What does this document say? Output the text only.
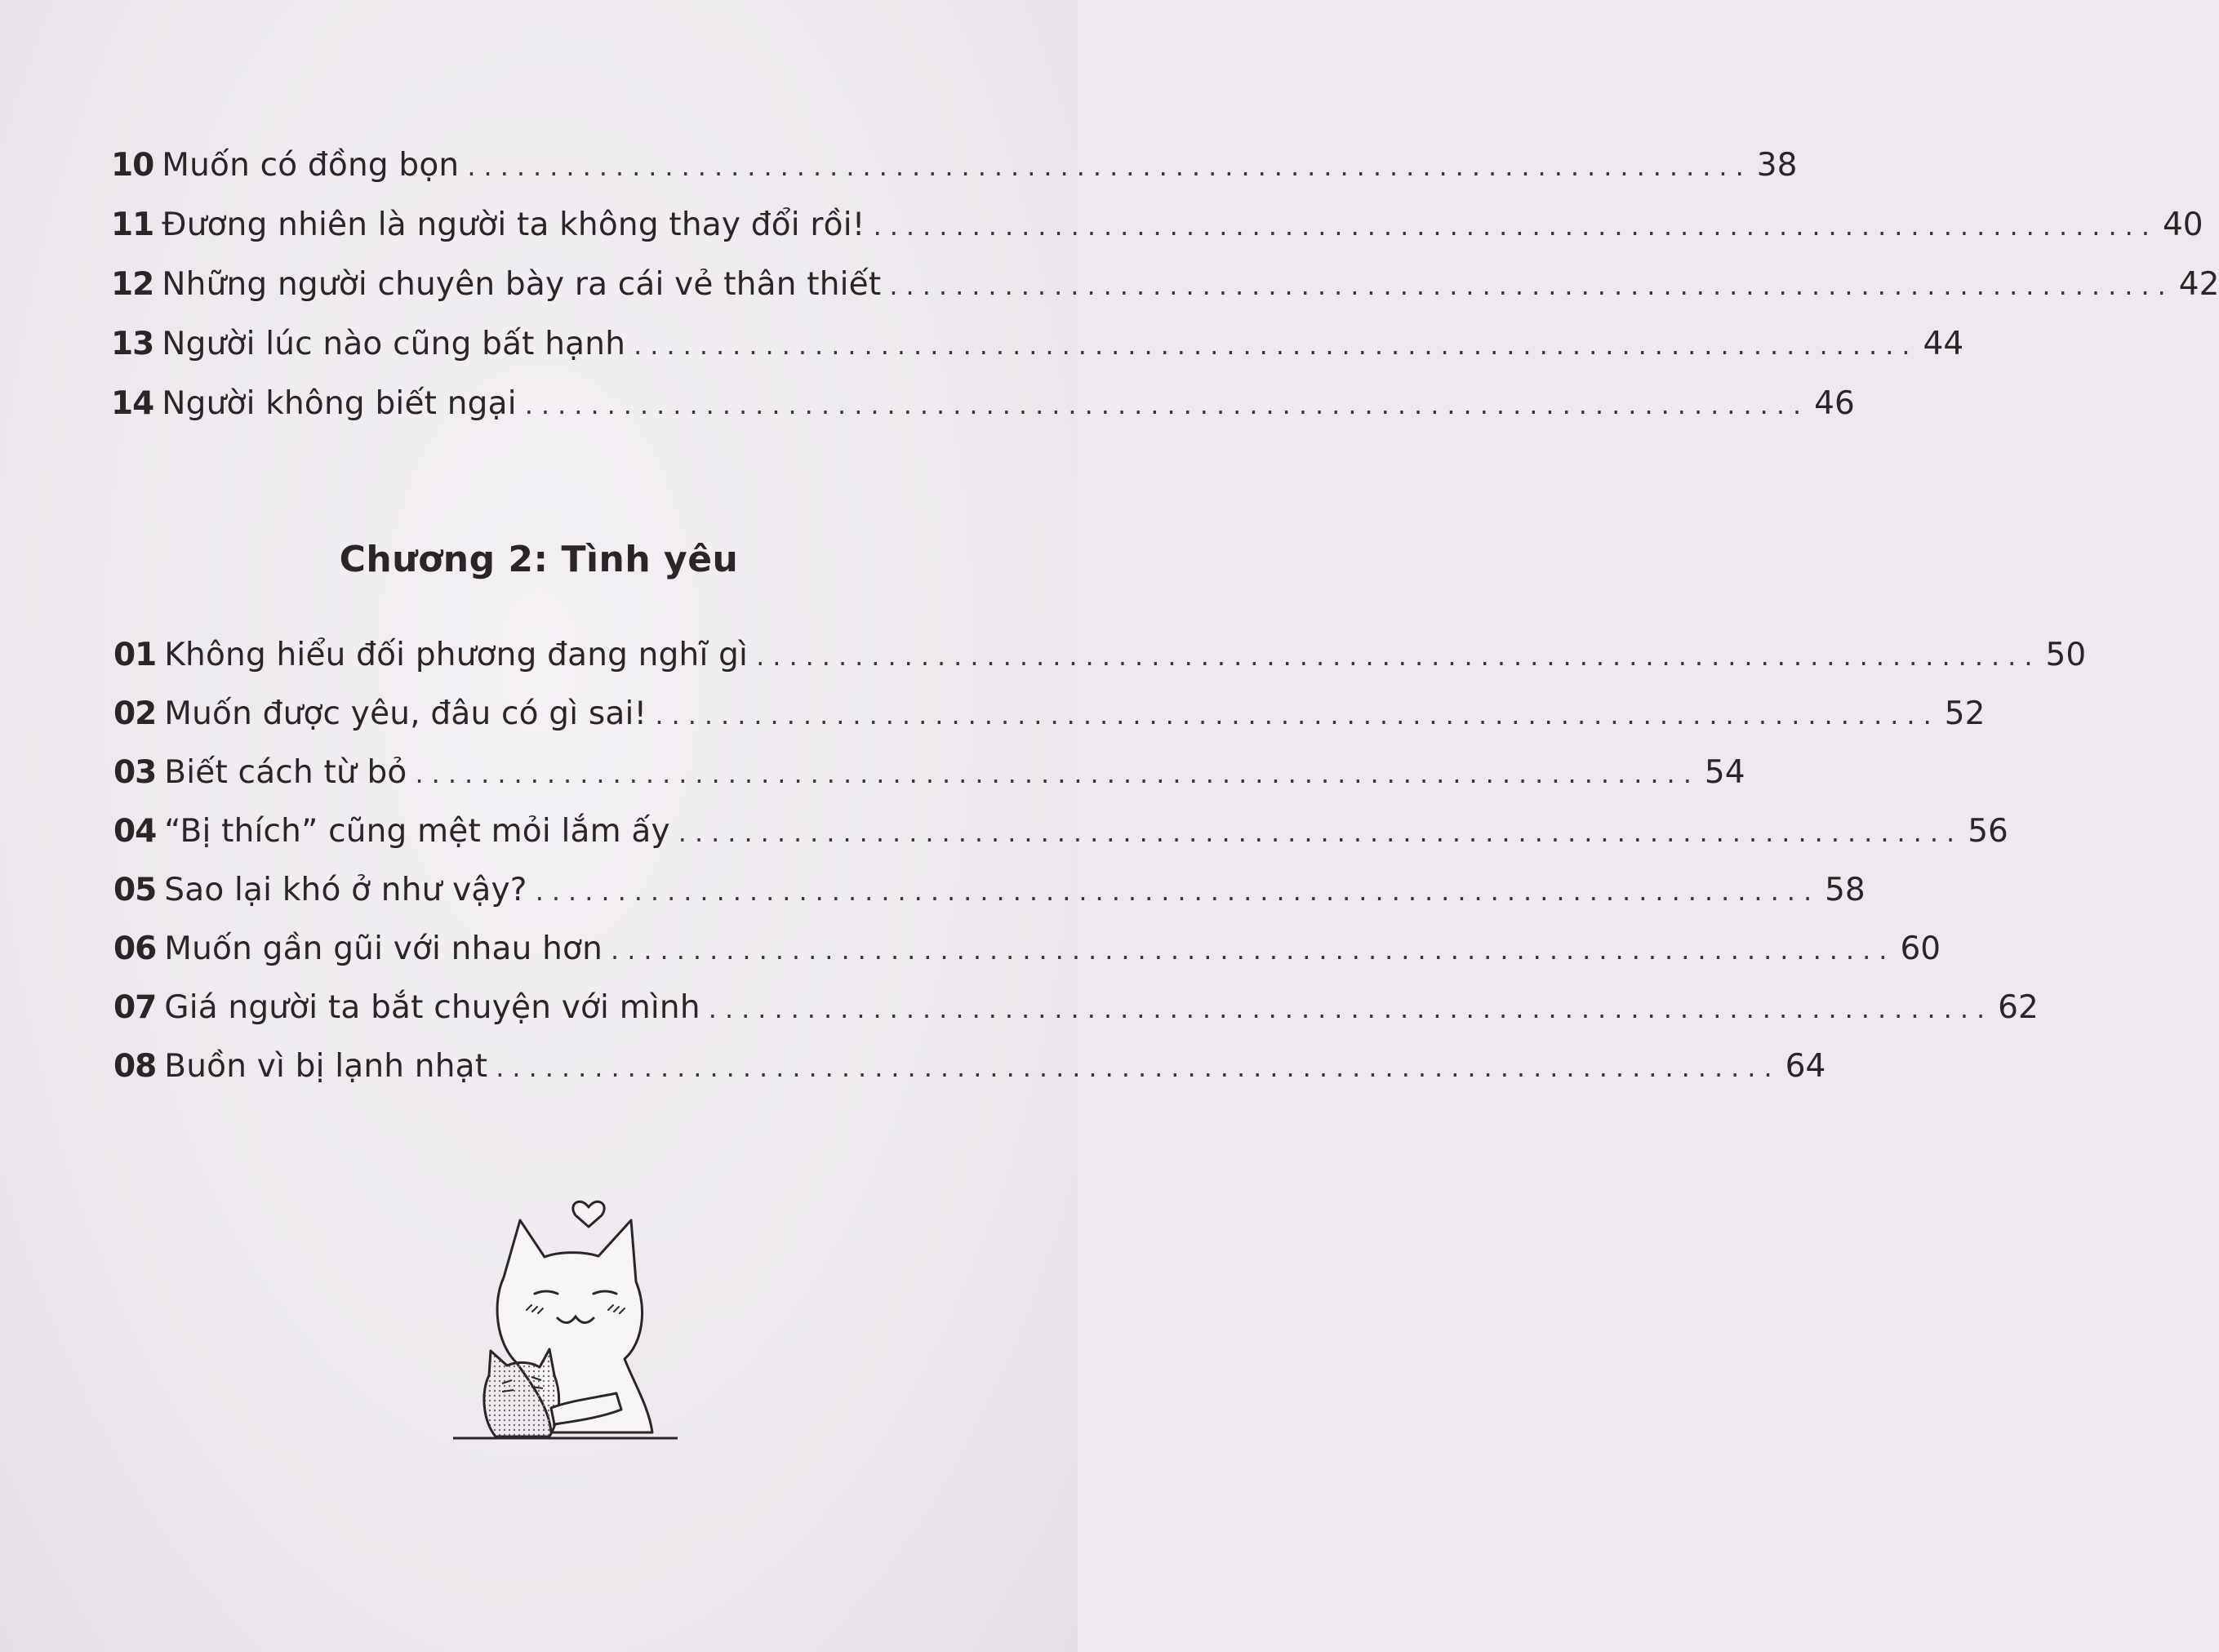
10 Muốn có đồng bọn .............................................................................. 38
11 Đương nhiên là người ta không thay đổi rồi! .............................................................................. 40
12 Những người chuyên bày ra cái vẻ thân thiết .............................................................................. 42
13 Người lúc nào cũng bất hạnh .............................................................................. 44
14 Người không biết ngại .............................................................................. 46
Chương 2: Tình yêu
01 Không hiểu đối phương đang nghĩ gì .............................................................................. 50
02 Muốn được yêu, đâu có gì sai! .............................................................................. 52
03 Biết cách từ bỏ .............................................................................. 54
04 “Bị thích” cũng mệt mỏi lắm ấy .............................................................................. 56
05 Sao lại khó ở như vậy? .............................................................................. 58
06 Muốn gần gũi với nhau hơn .............................................................................. 60
07 Giá người ta bắt chuyện với mình .............................................................................. 62
08 Buồn vì bị lạnh nhạt .............................................................................. 64
